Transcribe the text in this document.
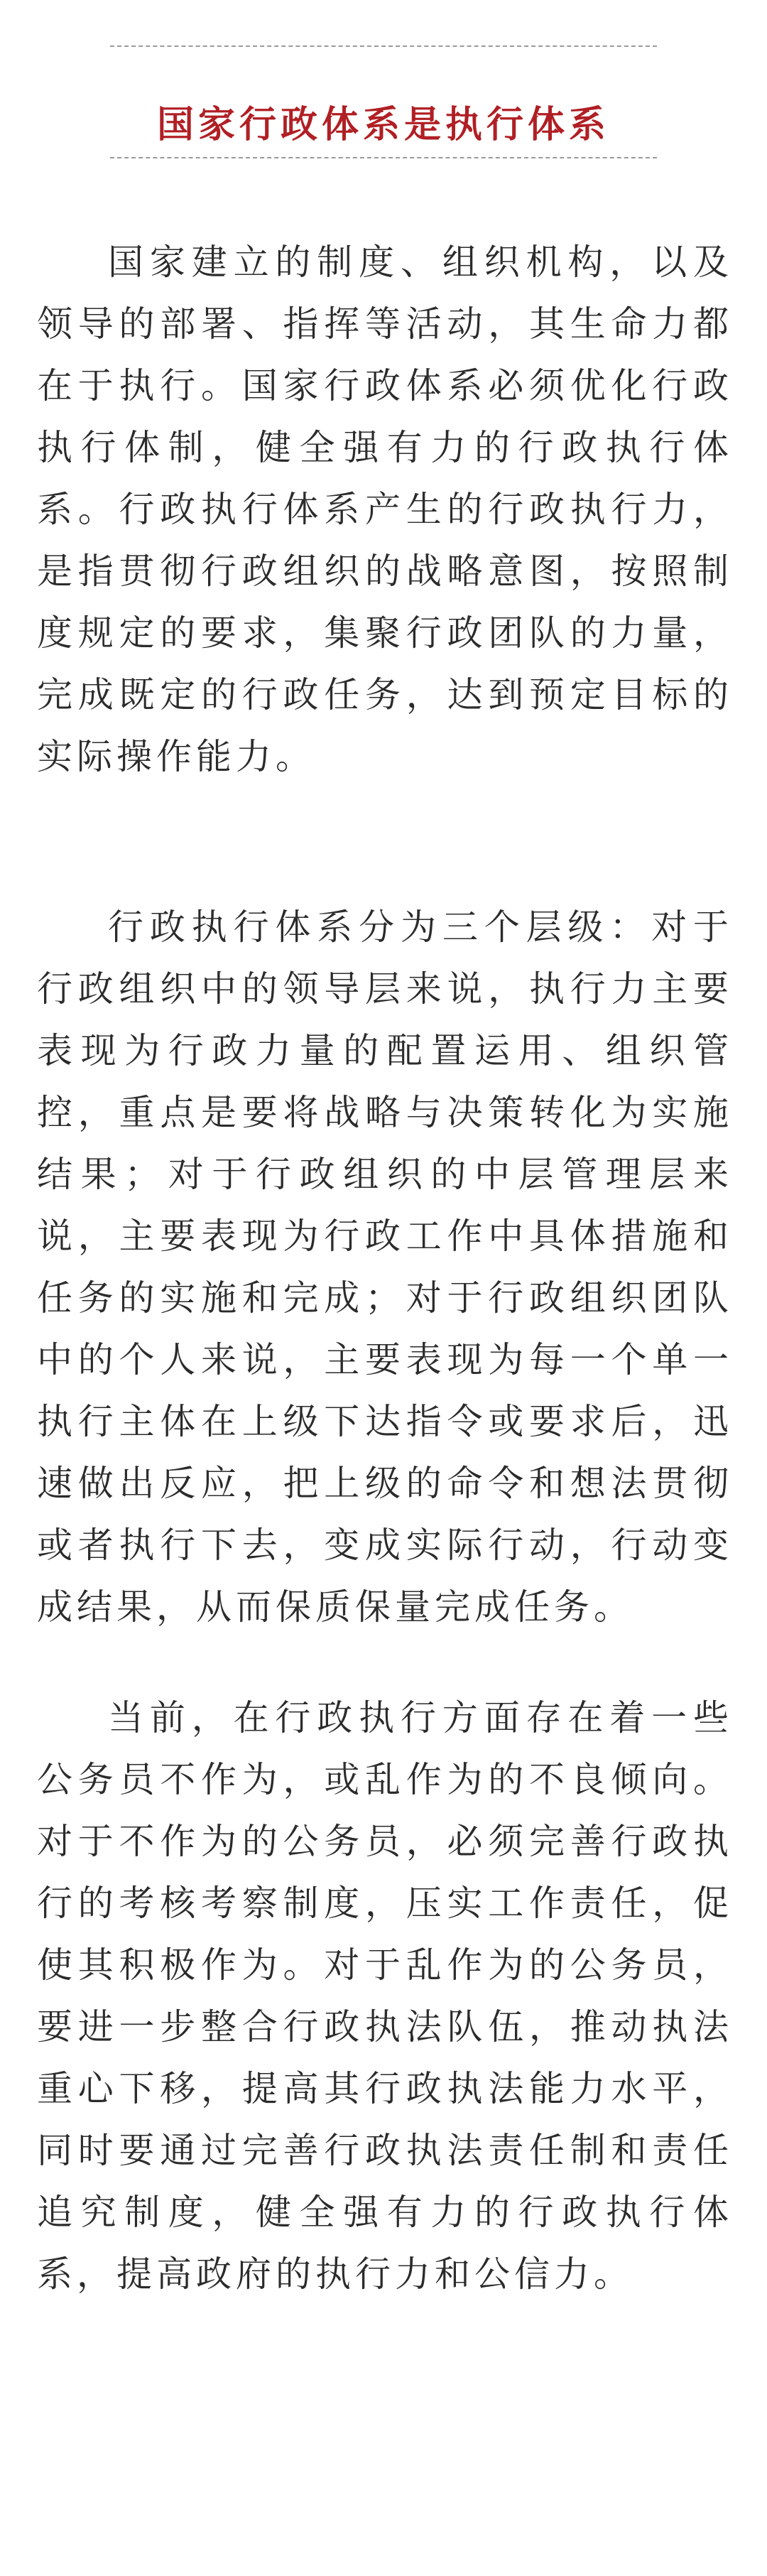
国家行政体系是执行体系

国家建立的制度、组织机构，以及领导的部署、指挥等活动，其生命力都在于执行。国家行政体系必须优化行政执行体制，健全强有力的行政执行体系。行政执行体系产生的行政执行力，是指贯彻行政组织的战略意图，按照制度规定的要求，集聚行政团队的力量，完成既定的行政任务，达到预定目标的实际操作能力。

行政执行体系分为三个层级：对于行政组织中的领导层来说，执行力主要表现为行政力量的配置运用、组织管控，重点是要将战略与决策转化为实施结果；对于行政组织的中层管理层来说，主要表现为行政工作中具体措施和任务的实施和完成；对于行政组织团队中的个人来说，主要表现为每一个单一执行主体在上级下达指令或要求后，迅速做出反应，把上级的命令和想法贯彻或者执行下去，变成实际行动，行动变成结果，从而保质保量完成任务。

当前，在行政执行方面存在着一些公务员不作为，或乱作为的不良倾向。对于不作为的公务员，必须完善行政执行的考核考察制度，压实工作责任，促使其积极作为。对于乱作为的公务员，要进一步整合行政执法队伍，推动执法重心下移，提高其行政执法能力水平，同时要通过完善行政执法责任制和责任追究制度，健全强有力的行政执行体系，提高政府的执行力和公信力。
